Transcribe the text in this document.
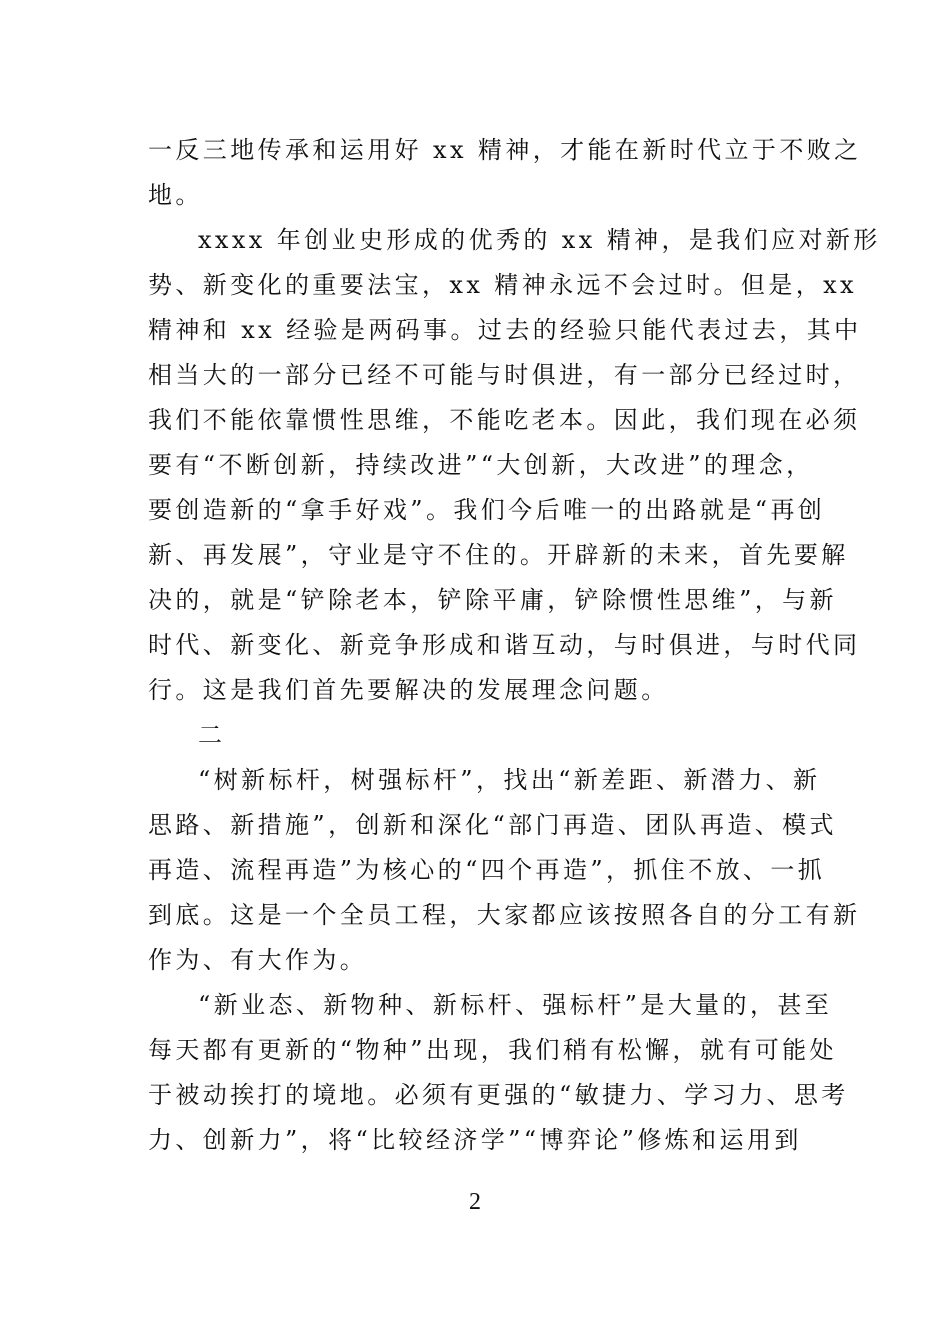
一反三地传承和运用好 xx 精神，才能在新时代立于不败之
地。
xxxx 年创业史形成的优秀的 xx 精神，是我们应对新形
势、新变化的重要法宝，xx 精神永远不会过时。但是，xx
精神和 xx 经验是两码事。过去的经验只能代表过去，其中
相当大的一部分已经不可能与时俱进，有一部分已经过时，
我们不能依靠惯性思维，不能吃老本。因此，我们现在必须
要有“不断创新，持续改进”“大创新，大改进”的理念，
要创造新的“拿手好戏”。我们今后唯一的出路就是“再创
新、再发展”，守业是守不住的。开辟新的未来，首先要解
决的，就是“铲除老本，铲除平庸，铲除惯性思维”，与新
时代、新变化、新竞争形成和谐互动，与时俱进，与时代同
行。这是我们首先要解决的发展理念问题。
二
“树新标杆，树强标杆”，找出“新差距、新潜力、新
思路、新措施”，创新和深化“部门再造、团队再造、模式
再造、流程再造”为核心的“四个再造”，抓住不放、一抓
到底。这是一个全员工程，大家都应该按照各自的分工有新
作为、有大作为。
“新业态、新物种、新标杆、强标杆”是大量的，甚至
每天都有更新的“物种”出现，我们稍有松懈，就有可能处
于被动挨打的境地。必须有更强的“敏捷力、学习力、思考
力、创新力”，将“比较经济学”“博弈论”修炼和运用到
2
